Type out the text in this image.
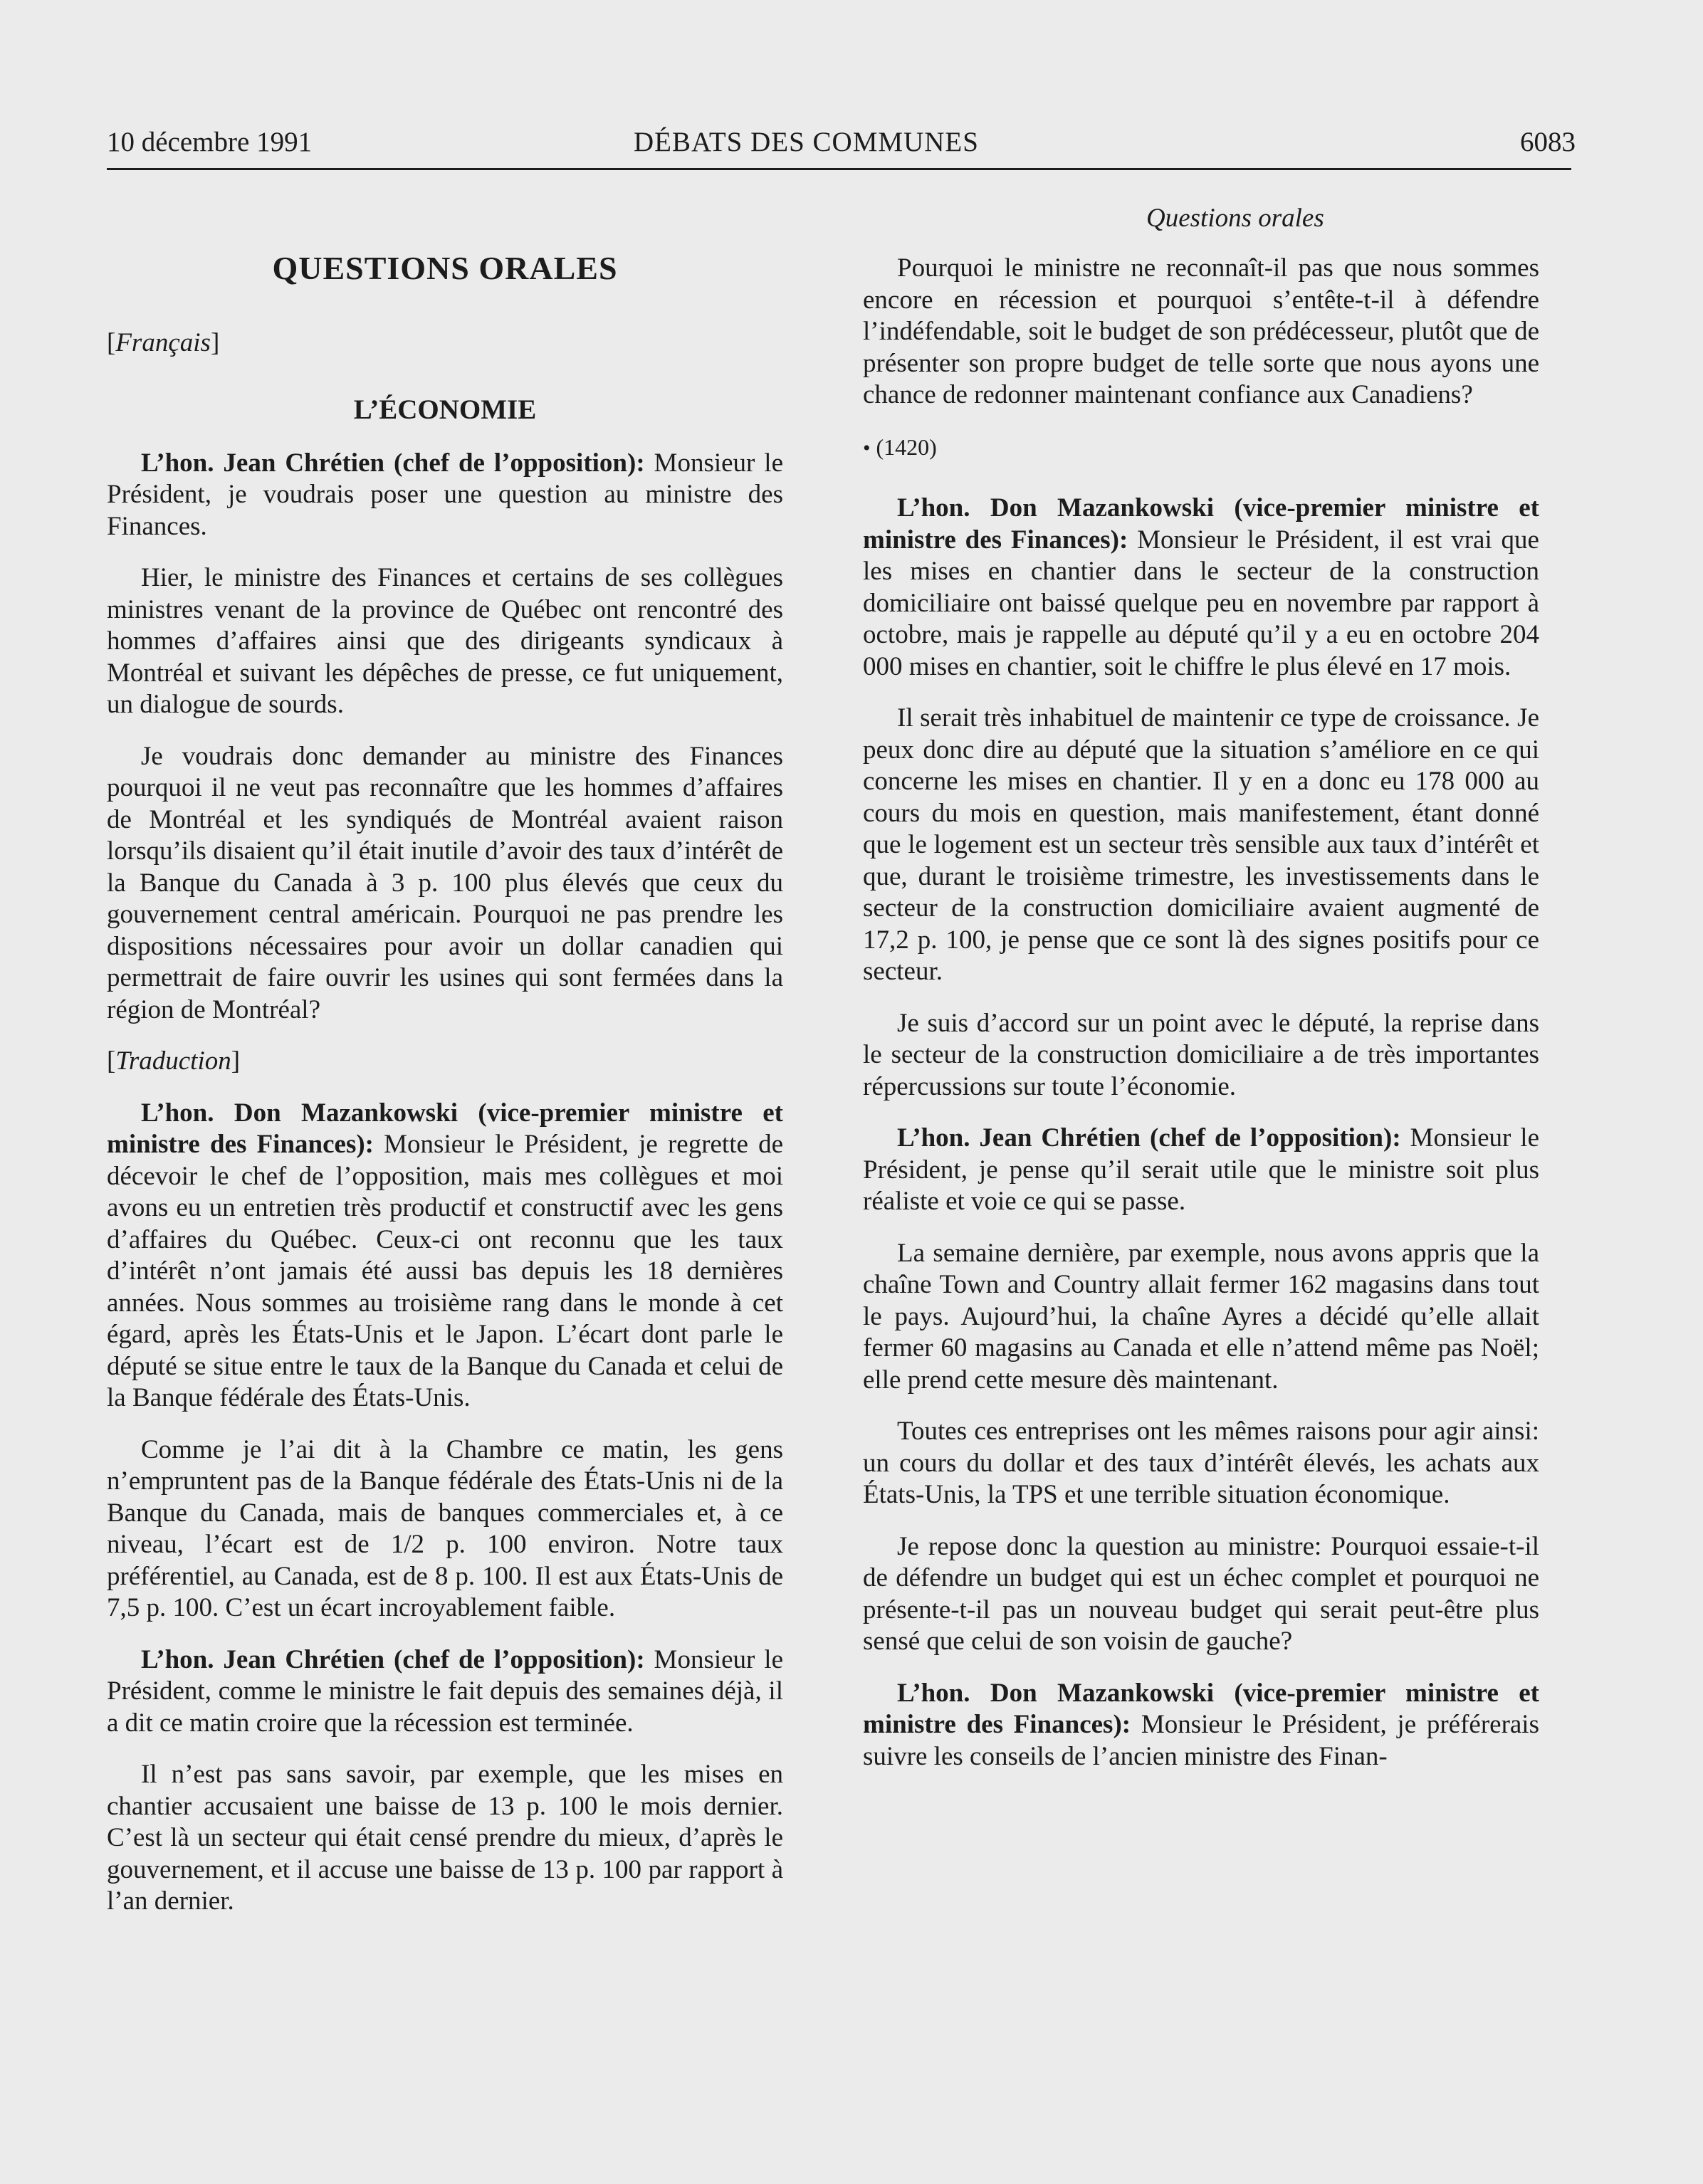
10 décembre 1991	DÉBATS DES COMMUNES	6083
Questions orales
QUESTIONS ORALES
[Français]
L’ÉCONOMIE

L’hon. Jean Chrétien (chef de l’opposition): Monsieur le Président, je voudrais poser une question au ministre des Finances.

Hier, le ministre des Finances et certains de ses collègues ministres venant de la province de Québec ont rencontré des hommes d’affaires ainsi que des dirigeants syndicaux à Montréal et suivant les dépêches de presse, ce fut uniquement, un dialogue de sourds.

Je voudrais donc demander au ministre des Finances pourquoi il ne veut pas reconnaître que les hommes d’affaires de Montréal et les syndiqués de Montréal avaient raison lorsqu’ils disaient qu’il était inutile d’avoir des taux d’intérêt de la Banque du Canada à 3 p. 100 plus élevés que ceux du gouvernement central américain. Pourquoi ne pas prendre les dispositions nécessaires pour avoir un dollar canadien qui permettrait de faire ouvrir les usines qui sont fermées dans la région de Montréal?

[Traduction]

L’hon. Don Mazankowski (vice-premier ministre et ministre des Finances): Monsieur le Président, je regrette de décevoir le chef de l’opposition, mais mes collègues et moi avons eu un entretien très productif et constructif avec les gens d’affaires du Québec. Ceux-ci ont reconnu que les taux d’intérêt n’ont jamais été aussi bas depuis les 18 dernières années. Nous sommes au troisième rang dans le monde à cet égard, après les États-Unis et le Japon. L’écart dont parle le député se situe entre le taux de la Banque du Canada et celui de la Banque fédérale des États-Unis.

Comme je l’ai dit à la Chambre ce matin, les gens n’empruntent pas de la Banque fédérale des États-Unis ni de la Banque du Canada, mais de banques commerciales et, à ce niveau, l’écart est de 1/2 p. 100 environ. Notre taux préférentiel, au Canada, est de 8 p. 100. Il est aux États-Unis de 7,5 p. 100. C’est un écart incroyablement faible.

L’hon. Jean Chrétien (chef de l’opposition): Monsieur le Président, comme le ministre le fait depuis des semaines déjà, il a dit ce matin croire que la récession est terminée.

Il n’est pas sans savoir, par exemple, que les mises en chantier accusaient une baisse de 13 p. 100 le mois dernier. C’est là un secteur qui était censé prendre du mieux, d’après le gouvernement, et il accuse une baisse de 13 p. 100 par rapport à l’an dernier.

Pourquoi le ministre ne reconnaît-il pas que nous sommes encore en récession et pourquoi s’entête-t-il à défendre l’indéfendable, soit le budget de son prédécesseur, plutôt que de présenter son propre budget de telle sorte que nous ayons une chance de redonner maintenant confiance aux Canadiens?

• (1420)

L’hon. Don Mazankowski (vice-premier ministre et ministre des Finances): Monsieur le Président, il est vrai que les mises en chantier dans le secteur de la construction domiciliaire ont baissé quelque peu en novembre par rapport à octobre, mais je rappelle au député qu’il y a eu en octobre 204 000 mises en chantier, soit le chiffre le plus élevé en 17 mois.

Il serait très inhabituel de maintenir ce type de croissance. Je peux donc dire au député que la situation s’améliore en ce qui concerne les mises en chantier. Il y en a donc eu 178 000 au cours du mois en question, mais manifestement, étant donné que le logement est un secteur très sensible aux taux d’intérêt et que, durant le troisième trimestre, les investissements dans le secteur de la construction domiciliaire avaient augmenté de 17,2 p. 100, je pense que ce sont là des signes positifs pour ce secteur.

Je suis d’accord sur un point avec le député, la reprise dans le secteur de la construction domiciliaire a de très importantes répercussions sur toute l’économie.

L’hon. Jean Chrétien (chef de l’opposition): Monsieur le Président, je pense qu’il serait utile que le ministre soit plus réaliste et voie ce qui se passe.

La semaine dernière, par exemple, nous avons appris que la chaîne Town and Country allait fermer 162 magasins dans tout le pays. Aujourd’hui, la chaîne Ayres a décidé qu’elle allait fermer 60 magasins au Canada et elle n’attend même pas Noël; elle prend cette mesure dès maintenant.

Toutes ces entreprises ont les mêmes raisons pour agir ainsi: un cours du dollar et des taux d’intérêt élevés, les achats aux États-Unis, la TPS et une terrible situation économique.

Je repose donc la question au ministre: Pourquoi essaie-t-il de défendre un budget qui est un échec complet et pourquoi ne présente-t-il pas un nouveau budget qui serait peut-être plus sensé que celui de son voisin de gauche?

L’hon. Don Mazankowski (vice-premier ministre et ministre des Finances): Monsieur le Président, je préférerais suivre les conseils de l’ancien ministre des Finan-
